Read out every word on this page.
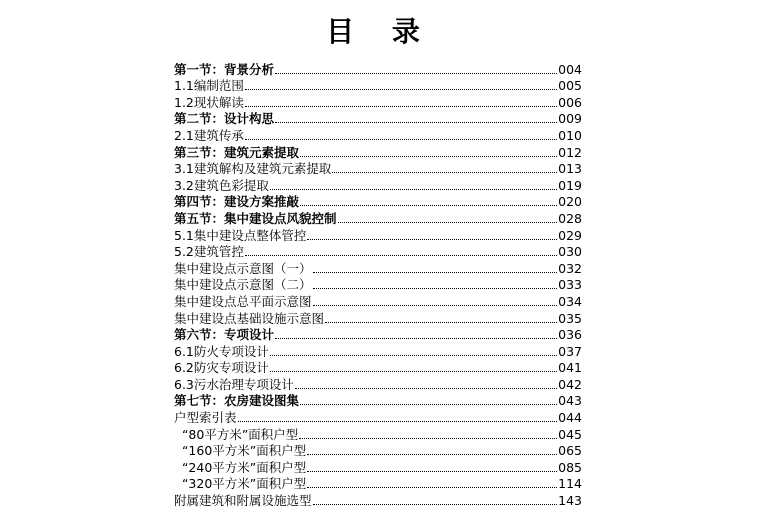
目 录
第一节：背景分析	004
1.1编制范围	005
1.2现状解读	006
第二节：设计构思	009
2.1建筑传承	010
第三节：建筑元素提取	012
3.1建筑解构及建筑元素提取	013
3.2建筑色彩提取	019
第四节：建设方案推敲	020
第五节：集中建设点风貌控制	028
5.1集中建设点整体管控	029
5.2建筑管控	030
集中建设点示意图（一）	032
集中建设点示意图（二）	033
集中建设点总平面示意图	034
集中建设点基础设施示意图	035
第六节：专项设计	036
6.1防火专项设计	037
6.2防灾专项设计	041
6.3污水治理专项设计	042
第七节：农房建设图集	043
户型索引表	044
“80平方米”面积户型	045
“160平方米”面积户型	065
“240平方米”面积户型	085
“320平方米”面积户型	114
附属建筑和附属设施选型	143
